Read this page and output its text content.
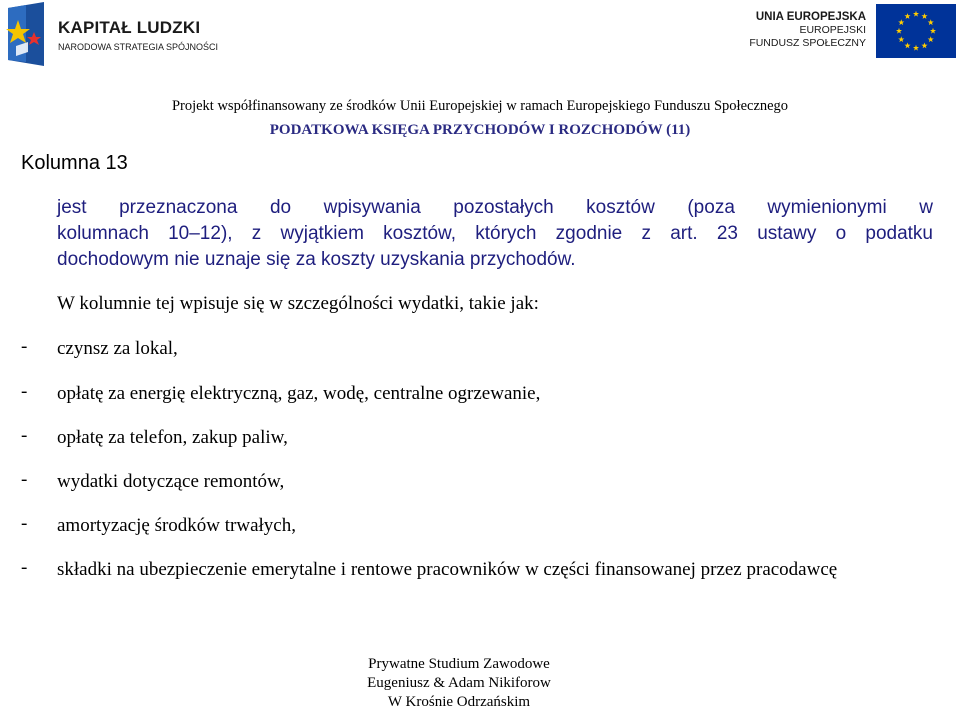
KAPITAŁ LUDZKI
NARODOWA STRATEGIA SPÓJNOŚCI
UNIA EUROPEJSKA
EUROPEJSKI
FUNDUSZ SPOŁECZNY
Projekt współfinansowany ze środków Unii Europejskiej w ramach Europejskiego Funduszu Społecznego
PODATKOWA KSIĘGA PRZYCHODÓW I ROZCHODÓW (11)
Kolumna 13
jest przeznaczona do wpisywania pozostałych kosztów (poza wymienionymi w
kolumnach 10–12), z wyjątkiem kosztów, których zgodnie z art. 23 ustawy o podatku
dochodowym nie uznaje się za koszty uzyskania przychodów.
W kolumnie tej wpisuje się w szczególności wydatki, takie jak:
- czynsz za lokal,
- opłatę za energię elektryczną, gaz, wodę, centralne ogrzewanie,
- opłatę za telefon, zakup paliw,
- wydatki dotyczące remontów,
- amortyzację środków trwałych,
- składki na ubezpieczenie emerytalne i rentowe pracowników w części finansowanej przez pracodawcę
Prywatne Studium Zawodowe
Eugeniusz & Adam Nikiforow
W Krośnie Odrzańskim
